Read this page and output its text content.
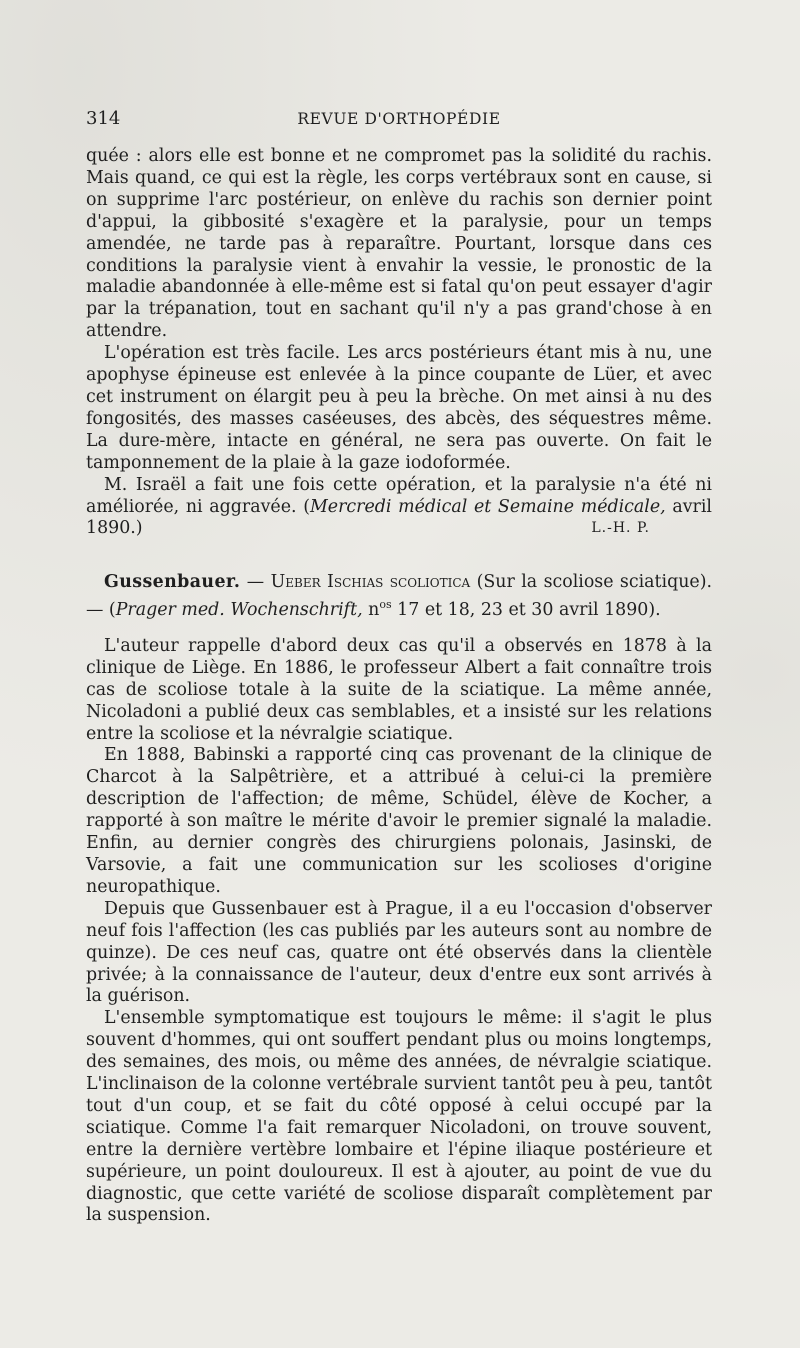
314	REVUE D'ORTHOPÉDIE

quée : alors elle est bonne et ne compromet pas la solidité du rachis. Mais quand, ce qui est la règle, les corps vertébraux sont en cause, si on supprime l'arc postérieur, on enlève du rachis son dernier point d'appui, la gibbosité s'exagère et la paralysie, pour un temps amendée, ne tarde pas à reparaître. Pourtant, lorsque dans ces conditions la paralysie vient à envahir la vessie, le pronostic de la maladie abandonnée à elle-même est si fatal qu'on peut essayer d'agir par la trépanation, tout en sachant qu'il n'y a pas grand'chose à en attendre.

L'opération est très facile. Les arcs postérieurs étant mis à nu, une apophyse épineuse est enlevée à la pince coupante de Lüer, et avec cet instrument on élargit peu à peu la brèche. On met ainsi à nu des fongosités, des masses caséeuses, des abcès, des séquestres même. La dure-mère, intacte en général, ne sera pas ouverte. On fait le tamponnement de la plaie à la gaze iodoformée.

M. Israël a fait une fois cette opération, et la paralysie n'a été ni améliorée, ni aggravée. (Mercredi médical et Semaine médicale, avril 1890.)	L.-H. P.

Gussenbauer. — Ueber Ischias scoliotica (Sur la scoliose sciatique). — (Prager med. Wochenschrift, $n^{os}$ 17 et 18, 23 et 30 avril 1890).

L'auteur rappelle d'abord deux cas qu'il a observés en 1878 à la clinique de Liège. En 1886, le professeur Albert a fait connaître trois cas de scoliose totale à la suite de la sciatique. La même année, Nicoladoni a publié deux cas semblables, et a insisté sur les relations entre la scoliose et la névralgie sciatique.

En 1888, Babinski a rapporté cinq cas provenant de la clinique de Charcot à la Salpêtrière, et a attribué à celui-ci la première description de l'affection; de même, Schüdel, élève de Kocher, a rapporté à son maître le mérite d'avoir le premier signalé la maladie. Enfin, au dernier congrès des chirurgiens polonais, Jasinski, de Varsovie, a fait une communication sur les scolioses d'origine neuropathique.

Depuis que Gussenbauer est à Prague, il a eu l'occasion d'observer neuf fois l'affection (les cas publiés par les auteurs sont au nombre de quinze). De ces neuf cas, quatre ont été observés dans la clientèle privée; à la connaissance de l'auteur, deux d'entre eux sont arrivés à la guérison.

L'ensemble symptomatique est toujours le même: il s'agit le plus souvent d'hommes, qui ont souffert pendant plus ou moins longtemps, des semaines, des mois, ou même des années, de névralgie sciatique. L'inclinaison de la colonne vertébrale survient tantôt peu à peu, tantôt tout d'un coup, et se fait du côté opposé à celui occupé par la sciatique. Comme l'a fait remarquer Nicoladoni, on trouve souvent, entre la dernière vertèbre lombaire et l'épine iliaque postérieure et supérieure, un point douloureux. Il est à ajouter, au point de vue du diagnostic, que cette variété de scoliose disparaît complètement par la suspension.
